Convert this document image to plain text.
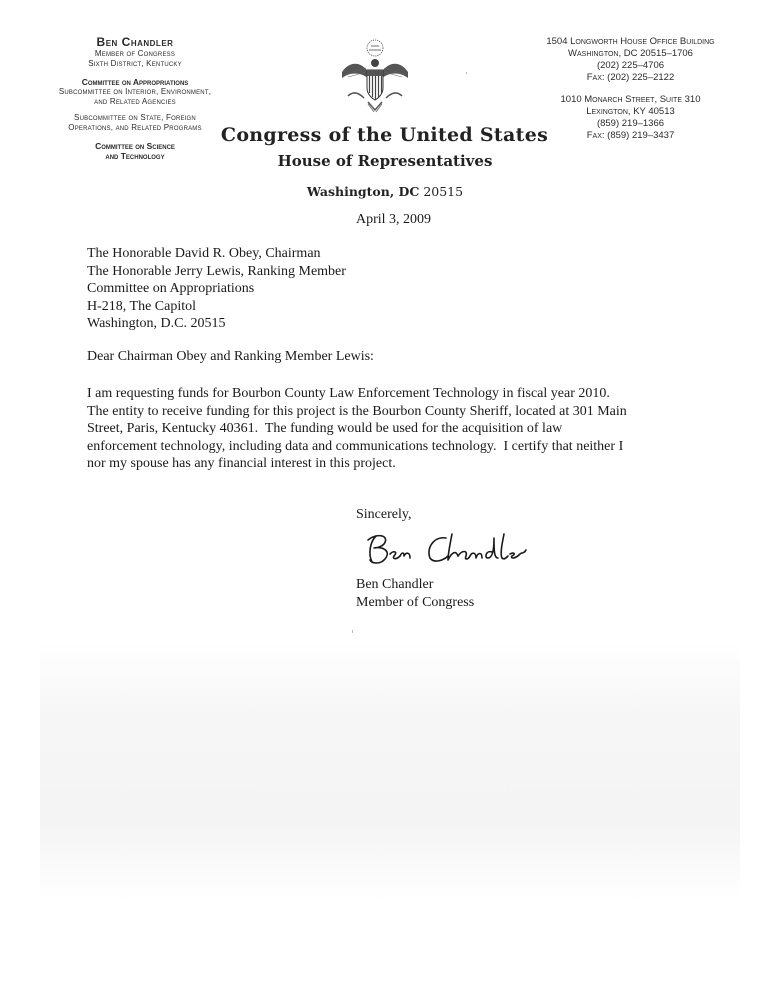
Ben Chandler
Member of Congress
Sixth District, Kentucky
Committee on Appropriations
Subcommittee on Interior, Environment,
and Related Agencies
Subcommittee on State, Foreign
Operations, and Related Programs
Committee on Science
and Technology
1504 Longworth House Office Building
Washington, DC 20515–1706
(202) 225–4706
Fax: (202) 225–2122
1010 Monarch Street, Suite 310
Lexington, KY 40513
(859) 219–1366
Fax: (859) 219–3437
Congress of the United States
House of Representatives
Washington, DC 20515
April 3, 2009
The Honorable David R. Obey, Chairman
The Honorable Jerry Lewis, Ranking Member
Committee on Appropriations
H-218, The Capitol
Washington, D.C. 20515
Dear Chairman Obey and Ranking Member Lewis:
I am requesting funds for Bourbon County Law Enforcement Technology in fiscal year 2010.
The entity to receive funding for this project is the Bourbon County Sheriff, located at 301 Main
Street, Paris, Kentucky 40361.  The funding would be used for the acquisition of law
enforcement technology, including data and communications technology.  I certify that neither I
nor my spouse has any financial interest in this project.
Sincerely,
Ben Chandler
Member of Congress
